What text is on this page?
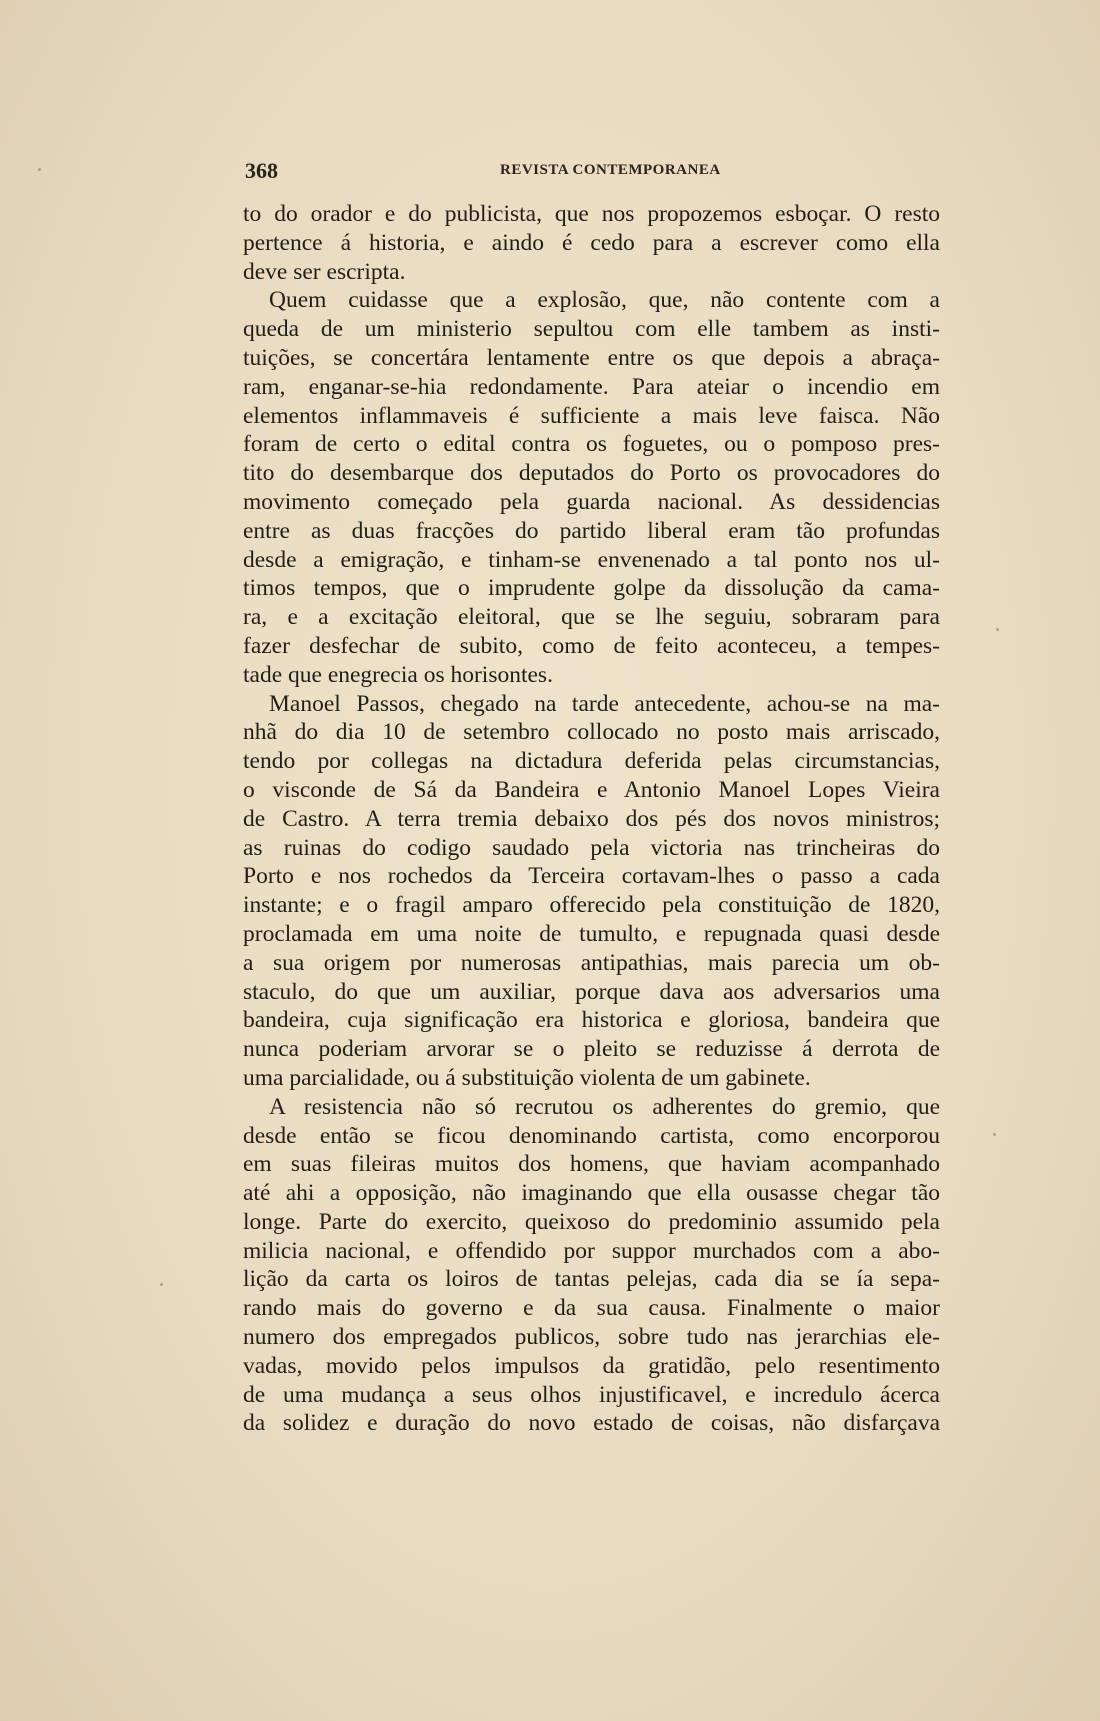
368	REVISTA CONTEMPORANEA

to do orador e do publicista, que nos propozemos esboçar. O resto
pertence á historia, e aindo é cedo para a escrever como ella
deve ser escripta.

Quem cuidasse que a explosão, que, não contente com a
queda de um ministerio sepultou com elle tambem as insti-
tuições, se concertára lentamente entre os que depois a abraça-
ram, enganar-se-hia redondamente. Para ateiar o incendio em
elementos inflammaveis é sufficiente a mais leve faisca. Não
foram de certo o edital contra os foguetes, ou o pomposo pres-
tito do desembarque dos deputados do Porto os provocadores do
movimento começado pela guarda nacional. As dessidencias
entre as duas fracções do partido liberal eram tão profundas
desde a emigração, e tinham-se envenenado a tal ponto nos ul-
timos tempos, que o imprudente golpe da dissolução da cama-
ra, e a excitação eleitoral, que se lhe seguiu, sobraram para
fazer desfechar de subito, como de feito aconteceu, a tempes-
tade que enegrecia os horisontes.

Manoel Passos, chegado na tarde antecedente, achou-se na ma-
nhã do dia 10 de setembro collocado no posto mais arriscado,
tendo por collegas na dictadura deferida pelas circumstancias,
o visconde de Sá da Bandeira e Antonio Manoel Lopes Vieira
de Castro. A terra tremia debaixo dos pés dos novos ministros;
as ruinas do codigo saudado pela victoria nas trincheiras do
Porto e nos rochedos da Terceira cortavam-lhes o passo a cada
instante; e o fragil amparo offerecido pela constituição de 1820,
proclamada em uma noite de tumulto, e repugnada quasi desde
a sua origem por numerosas antipathias, mais parecia um ob-
staculo, do que um auxiliar, porque dava aos adversarios uma
bandeira, cuja significação era historica e gloriosa, bandeira que
nunca poderiam arvorar se o pleito se reduzisse á derrota de
uma parcialidade, ou á substituição violenta de um gabinete.

A resistencia não só recrutou os adherentes do gremio, que
desde então se ficou denominando cartista, como encorporou
em suas fileiras muitos dos homens, que haviam acompanhado
até ahi a opposição, não imaginando que ella ousasse chegar tão
longe. Parte do exercito, queixoso do predominio assumido pela
milicia nacional, e offendido por suppor murchados com a abo-
lição da carta os loiros de tantas pelejas, cada dia se ía sepa-
rando mais do governo e da sua causa. Finalmente o maior
numero dos empregados publicos, sobre tudo nas jerarchias ele-
vadas, movido pelos impulsos da gratidão, pelo resentimento
de uma mudança a seus olhos injustificavel, e incredulo ácerca
da solidez e duração do novo estado de coisas, não disfarçava
